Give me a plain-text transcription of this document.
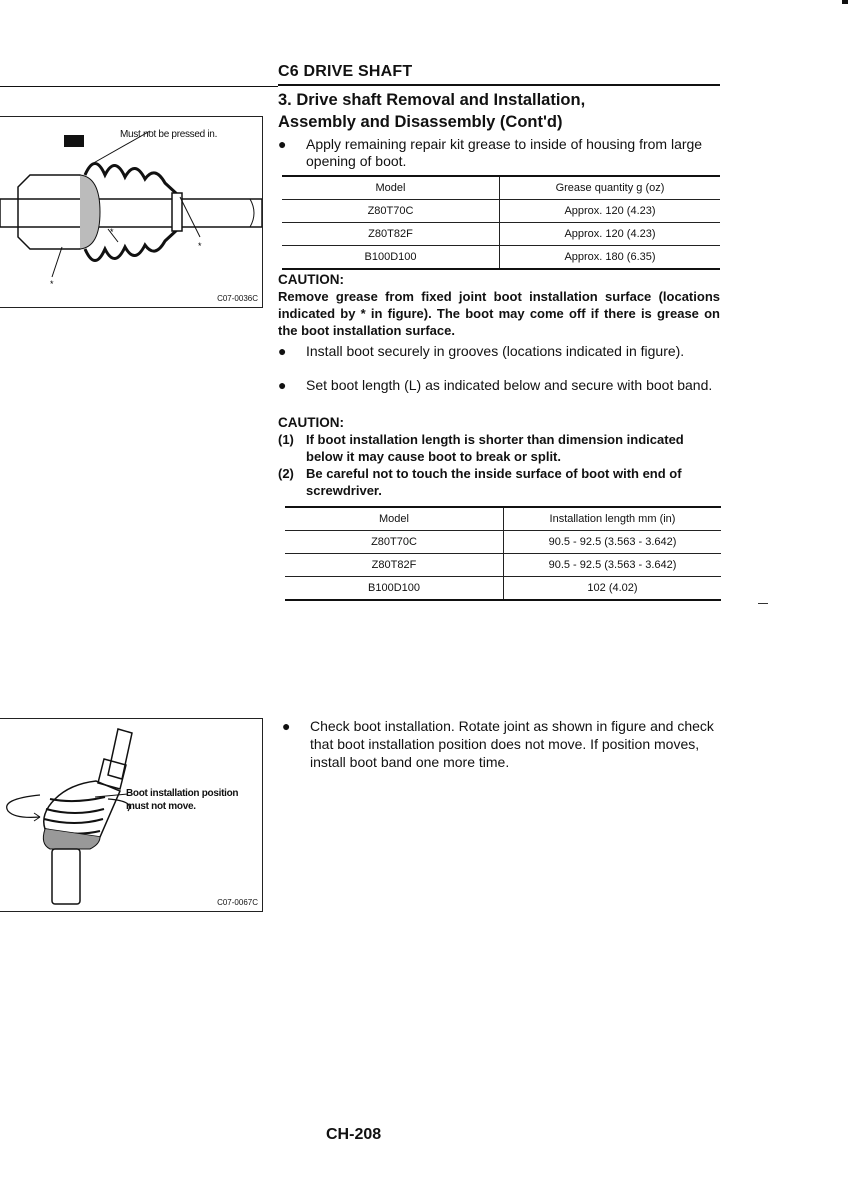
C6 DRIVE SHAFT
3. Drive shaft Removal and Installation,
Assembly and Disassembly (Cont'd)
*
*
*
Must not be pressed in.
C07-0036C
● Apply remaining repair kit grease to inside of housing from large opening of boot.
Model	Grease quantity g (oz)
Z80T70C	Approx. 120 (4.23)
Z80T82F	Approx. 120 (4.23)
B100D100	Approx. 180 (6.35)
CAUTION:
Remove grease from fixed joint boot installation surface (locations indicated by * in figure). The boot may come off if there is grease on the boot installation surface.
● Install boot securely in grooves (locations indicated in figure).
● Set boot length (L) as indicated below and secure with boot band.
CAUTION:
(1) If boot installation length is shorter than dimension indicated below it may cause boot to break or split.
(2) Be careful not to touch the inside surface of boot with end of screwdriver.
Model	Installation length mm (in)
Z80T70C	90.5 - 92.5 (3.563 - 3.642)
Z80T82F	90.5 - 92.5 (3.563 - 3.642)
B100D100	102 (4.02)
Boot installation position
must not move.
C07-0067C
● Check boot installation. Rotate joint as shown in figure and check that boot installation position does not move. If position moves, install boot band one more time.
CH-208
